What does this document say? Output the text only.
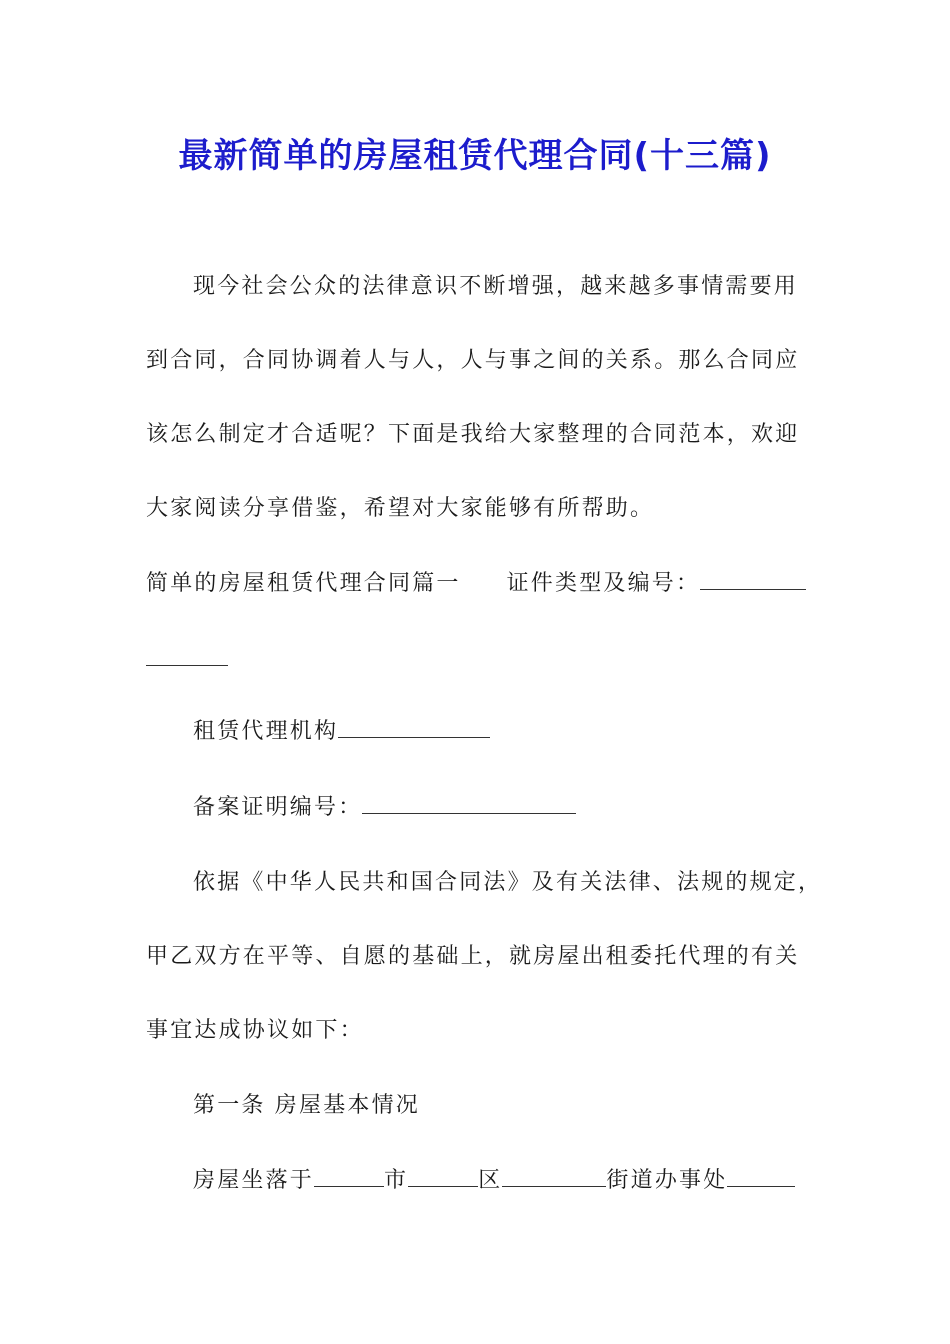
最新简单的房屋租赁代理合同(十三篇)
现今社会公众的法律意识不断增强，越来越多事情需要用
到合同，合同协调着人与人，人与事之间的关系。那么合同应
该怎么制定才合适呢？下面是我给大家整理的合同范本，欢迎
大家阅读分享借鉴，希望对大家能够有所帮助。
简单的房屋租赁代理合同篇一 证件类型及编号：
租赁代理机构
备案证明编号：
依据《中华人民共和国合同法》及有关法律、法规的规定，
甲乙双方在平等、自愿的基础上，就房屋出租委托代理的有关
事宜达成协议如下：
第一条 房屋基本情况
房屋坐落于	市	区	街道办事处
